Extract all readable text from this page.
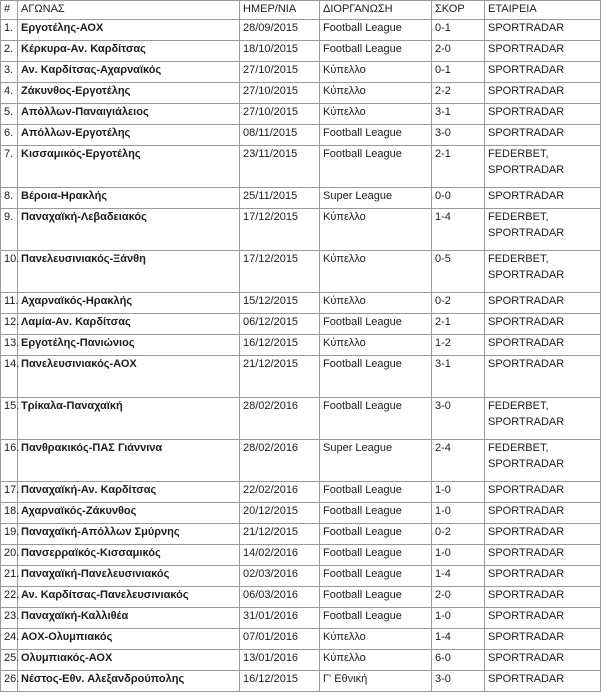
#	ΑΓΩΝΑΣ	ΗΜΕΡ/ΝΙΑ	ΔΙΟΡΓΑΝΩΣΗ	ΣΚΟΡ	ΕΤΑΙΡΕΙΑ
1.	Εργοτέλης-ΑΟΧ	28/09/2015	Football League	0-1	SPORTRADAR

2.	Κέρκυρα-Αν. Καρδίτσας	18/10/2015	Football League	2-0	SPORTRADAR

3.	Αν. Καρδίτσας-Αχαρναϊκός	27/10/2015	Κύπελλο	0-1	SPORTRADAR

4.	Ζάκυνθος-Εργοτέλης	27/10/2015	Κύπελλο	2-2	SPORTRADAR

5.	Απόλλων-Παναιγιάλειος	27/10/2015	Κύπελλο	3-1	SPORTRADAR

6.	Απόλλων-Εργοτέλης	08/11/2015	Football League	3-0	SPORTRADAR

7.	Κισσαμικός-Εργοτέλης	23/11/2015	Football League	2-1	FEDERBET,
SPORTRADAR

8.	Βέροια-Ηρακλής	25/11/2015	Super League	0-0	SPORTRADAR

9.	Παναχαϊκή-Λεβαδειακός	17/12/2015	Κύπελλο	1-4	FEDERBET,
SPORTRADAR

10.	Πανελευσινιακός-Ξάνθη	17/12/2015	Κύπελλο	0-5	FEDERBET,
SPORTRADAR

11.	Αχαρναϊκός-Ηρακλής	15/12/2015	Κύπελλο	0-2	SPORTRADAR

12.	Λαμία-Αν. Καρδίτσας	06/12/2015	Football League	2-1	SPORTRADAR

13.	Εργοτέλης-Πανιώνιος	16/12/2015	Κύπελλο	1-2	SPORTRADAR

14.	Πανελευσινιακός-ΑΟΧ	21/12/2015	Football League	3-1	SPORTRADAR

15.	Τρίκαλα-Παναχαϊκή	28/02/2016	Football League	3-0	FEDERBET,
SPORTRADAR

16.	Πανθρακικός-ΠΑΣ Γιάννινα	28/02/2016	Super League	2-4	FEDERBET,
SPORTRADAR

17.	Παναχαϊκή-Αν. Καρδίτσας	22/02/2016	Football League	1-0	SPORTRADAR

18.	Αχαρναϊκός-Ζάκυνθος	20/12/2015	Football League	1-0	SPORTRADAR

19.	Παναχαϊκή-Απόλλων Σμύρνης	21/12/2015	Football League	0-2	SPORTRADAR

20.	Πανσερραϊκός-Κισσαμικός	14/02/2016	Football League	1-0	SPORTRADAR

21.	Παναχαϊκή-Πανελευσινιακός	02/03/2016	Football League	1-4	SPORTRADAR

22.	Αν. Καρδίτσας-Πανελευσινιακός	06/03/2016	Football League	2-0	SPORTRADAR

23.	Παναχαϊκή-Καλλιθέα	31/01/2016	Football League	1-0	SPORTRADAR

24.	ΑΟΧ-Ολυμπιακός	07/01/2016	Κύπελλο	1-4	SPORTRADAR

25.	Ολυμπιακός-ΑΟΧ	13/01/2016	Κύπελλο	6-0	SPORTRADAR

26.	Νέστος-Εθν. Αλεξανδρούπολης	16/12/2015	Γ' Εθνική	3-0	SPORTRADAR
